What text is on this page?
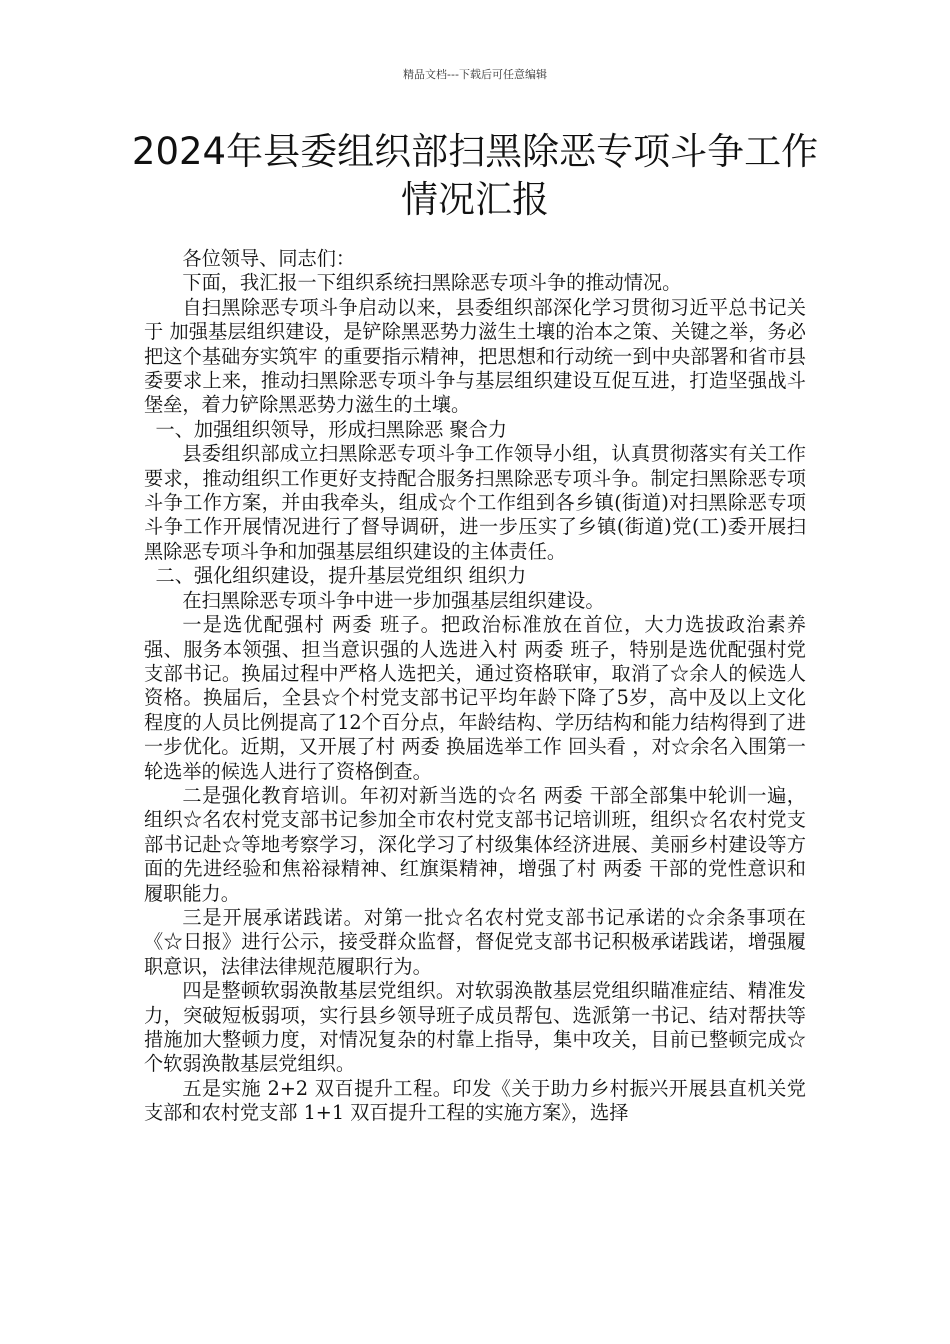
精品文档---下载后可任意编辑
2024年县委组织部扫黑除恶专项斗争工作情况汇报

各位领导、同志们：

下面，我汇报一下组织系统扫黑除恶专项斗争的推动情况。

自扫黑除恶专项斗争启动以来，县委组织部深化学习贯彻习近平总书记关于 加强基层组织建设，是铲除黑恶势力滋生土壤的治本之策、关键之举，务必把这个基础夯实筑牢 的重要指示精神，把思想和行动统一到中央部署和省市县委要求上来，推动扫黑除恶专项斗争与基层组织建设互促互进，打造坚强战斗堡垒，着力铲除黑恶势力滋生的土壤。

一、加强组织领导，形成扫黑除恶 聚合力

县委组织部成立扫黑除恶专项斗争工作领导小组，认真贯彻落实有关工作要求，推动组织工作更好支持配合服务扫黑除恶专项斗争。制定扫黑除恶专项斗争工作方案，并由我牵头，组成☆个工作组到各乡镇(街道)对扫黑除恶专项斗争工作开展情况进行了督导调研，进一步压实了乡镇(街道)党(工)委开展扫黑除恶专项斗争和加强基层组织建设的主体责任。

二、强化组织建设，提升基层党组织 组织力

在扫黑除恶专项斗争中进一步加强基层组织建设。

一是选优配强村 两委 班子。把政治标准放在首位，大力选拔政治素养强、服务本领强、担当意识强的人选进入村 两委 班子，特别是选优配强村党支部书记。换届过程中严格人选把关，通过资格联审，取消了☆余人的候选人资格。换届后，全县☆个村党支部书记平均年龄下降了5岁，高中及以上文化程度的人员比例提高了12个百分点，年龄结构、学历结构和能力结构得到了进一步优化。近期，又开展了村 两委 换届选举工作 回头看 ，对☆余名入围第一轮选举的候选人进行了资格倒查。

二是强化教育培训。年初对新当选的☆名 两委 干部全部集中轮训一遍，组织☆名农村党支部书记参加全市农村党支部书记培训班，组织☆名农村党支部书记赴☆等地考察学习，深化学习了村级集体经济进展、美丽乡村建设等方面的先进经验和焦裕禄精神、红旗渠精神，增强了村 两委 干部的党性意识和履职能力。

三是开展承诺践诺。对第一批☆名农村党支部书记承诺的☆余条事项在《☆日报》进行公示，接受群众监督，督促党支部书记积极承诺践诺，增强履职意识，法律法律规范履职行为。

四是整顿软弱涣散基层党组织。对软弱涣散基层党组织瞄准症结、精准发力，突破短板弱项，实行县乡领导班子成员帮包、选派第一书记、结对帮扶等措施加大整顿力度，对情况复杂的村靠上指导，集中攻关，目前已整顿完成☆个软弱涣散基层党组织。

五是实施 2+2 双百提升工程。印发《关于助力乡村振兴开展县直机关党支部和农村党支部 1+1 双百提升工程的实施方案》，选择
